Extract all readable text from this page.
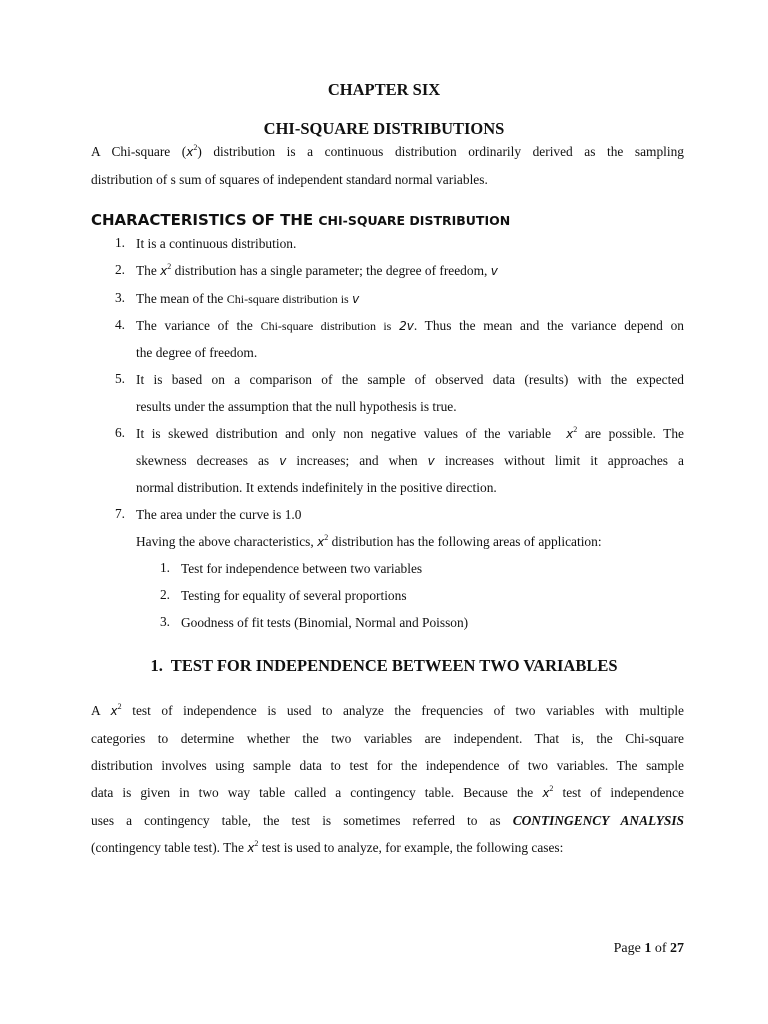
CHAPTER SIX
CHI-SQUARE DISTRIBUTIONS
A Chi-square $(x^2)$ distribution is a continuous distribution ordinarily derived as the sampling
distribution of s sum of squares of independent standard normal variables.
CHARACTERISTICS OF THE CHI-SQUARE DISTRIBUTION
1. It is a continuous distribution.
2. The $x^2$ distribution has a single parameter; the degree of freedom, v
3. The mean of the Chi-square distribution is v
4. The variance of the Chi-square distribution is 2v. Thus the mean and the variance depend on
the degree of freedom.
5. It is based on a comparison of the sample of observed data (results) with the expected
results under the assumption that the null hypothesis is true.
6. It is skewed distribution and only non negative values of the variable $x^2$ are possible. The
skewness decreases as v increases; and when v increases without limit it approaches a
normal distribution. It extends indefinitely in the positive direction.
7. The area under the curve is 1.0
Having the above characteristics, $x^2$ distribution has the following areas of application:
1. Test for independence between two variables
2. Testing for equality of several proportions
3. Goodness of fit tests (Binomial, Normal and Poisson)
1.  TEST FOR INDEPENDENCE BETWEEN TWO VARIABLES
A $x^2$ test of independence is used to analyze the frequencies of two variables with multiple
categories to determine whether the two variables are independent. That is, the Chi-square
distribution involves using sample data to test for the independence of two variables. The sample
data is given in two way table called a contingency table. Because the $x^2$ test of independence
uses a contingency table, the test is sometimes referred to as CONTINGENCY ANALYSIS
(contingency table test). The $x^2$ test is used to analyze, for example, the following cases:
Page 1 of 27
